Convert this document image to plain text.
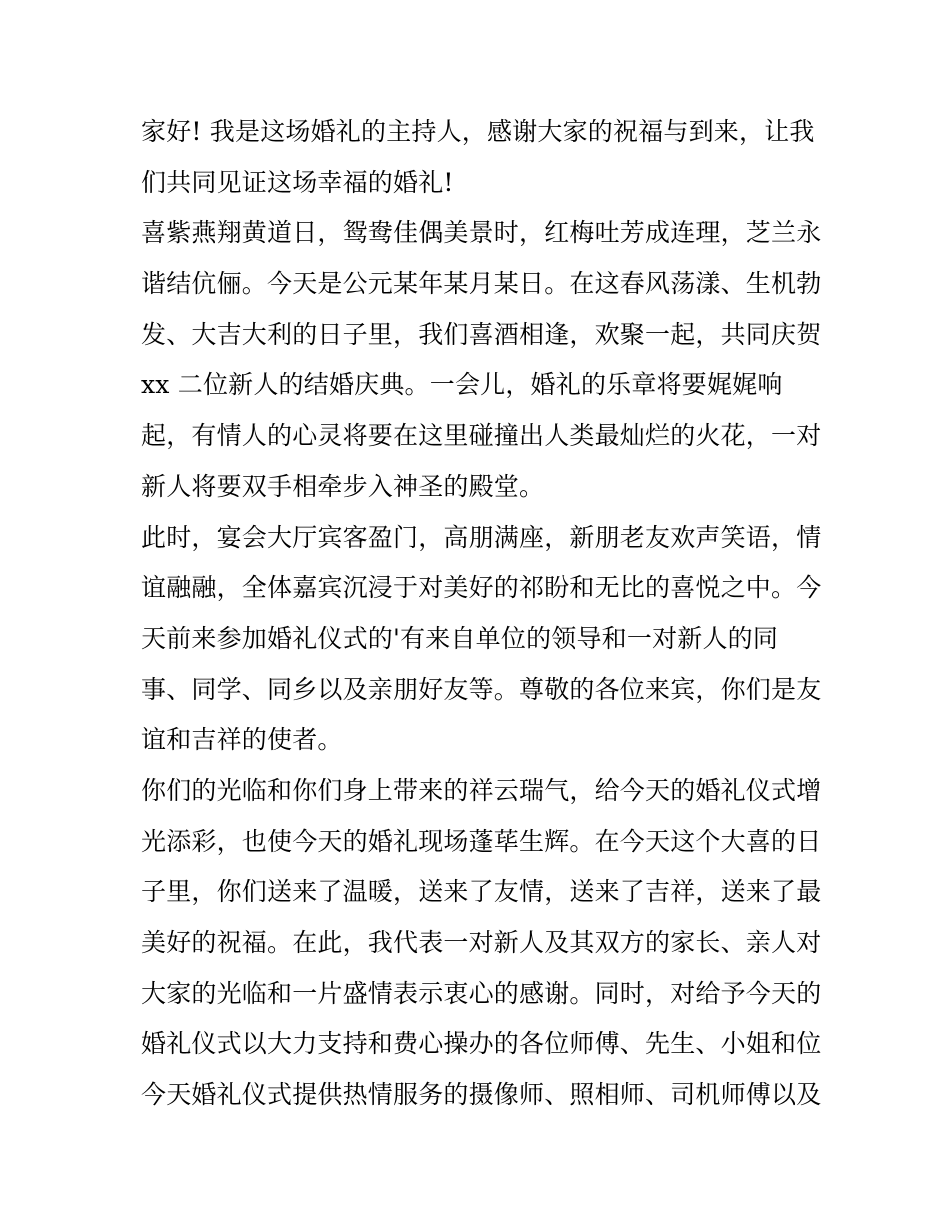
家好! 我是这场婚礼的主持人，感谢大家的祝福与到来，让我
们共同见证这场幸福的婚礼!
喜紫燕翔黄道日，鸳鸯佳偶美景时，红梅吐芳成连理，芝兰永
谐结伉俪。今天是公元某年某月某日。在这春风荡漾、生机勃
发、大吉大利的日子里，我们喜酒相逢，欢聚一起，共同庆贺
xx 二位新人的结婚庆典。一会儿，婚礼的乐章将要娓娓响
起，有情人的心灵将要在这里碰撞出人类最灿烂的火花，一对
新人将要双手相牵步入神圣的殿堂。
此时，宴会大厅宾客盈门，高朋满座，新朋老友欢声笑语，情
谊融融，全体嘉宾沉浸于对美好的祁盼和无比的喜悦之中。今
天前来参加婚礼仪式的'有来自单位的领导和一对新人的同
事、同学、同乡以及亲朋好友等。尊敬的各位来宾，你们是友
谊和吉祥的使者。
你们的光临和你们身上带来的祥云瑞气，给今天的婚礼仪式增
光添彩，也使今天的婚礼现场蓬荜生辉。在今天这个大喜的日
子里，你们送来了温暖，送来了友情，送来了吉祥，送来了最
美好的祝福。在此，我代表一对新人及其双方的家长、亲人对
大家的光临和一片盛情表示衷心的感谢。同时，对给予今天的
婚礼仪式以大力支持和费心操办的各位师傅、先生、小姐和位
今天婚礼仪式提供热情服务的摄像师、照相师、司机师傅以及
